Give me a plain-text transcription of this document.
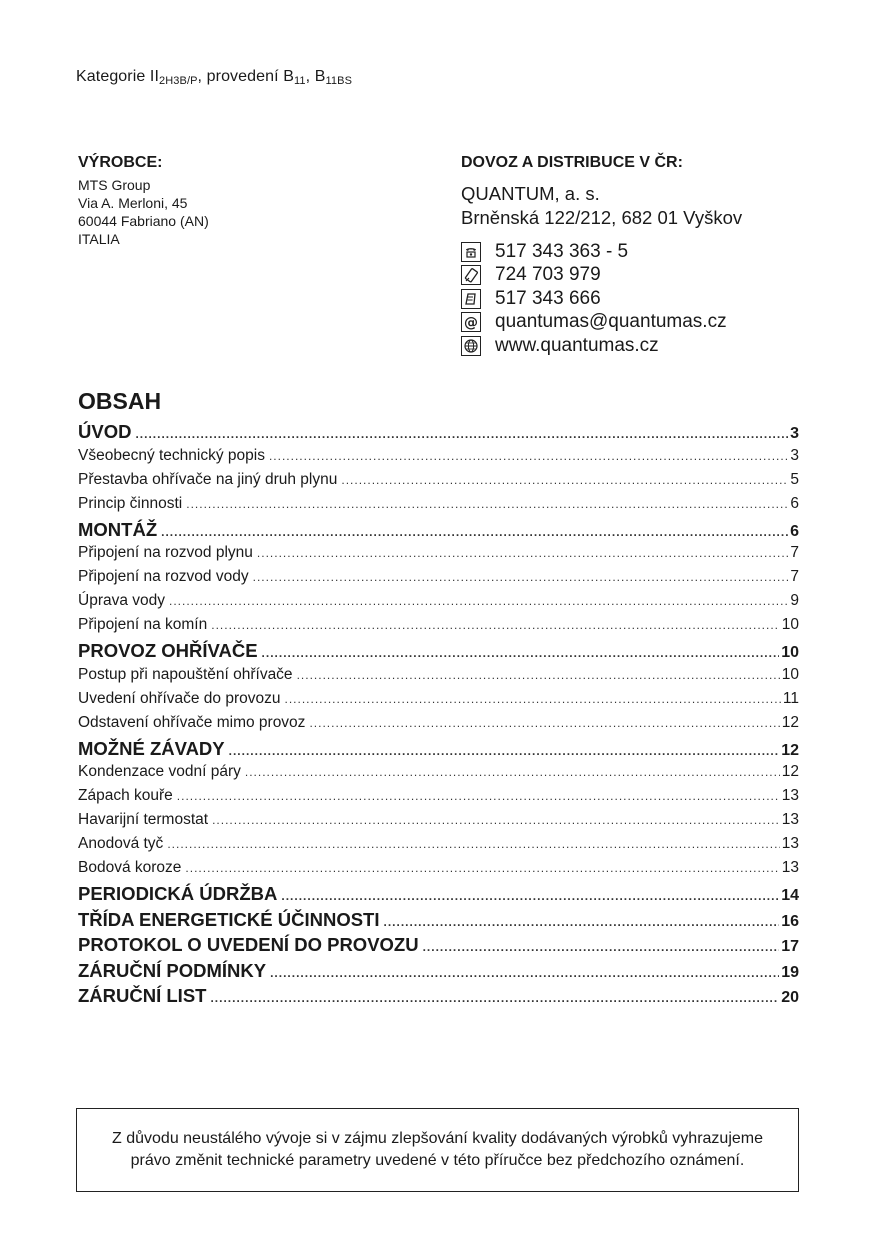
Kategorie $II_{2H3B/P}$, provedení $B_{11}$, $B_{11BS}$
VÝROBCE:
MTS Group
Via A. Merloni, 45
60044 Fabriano (AN)
ITALIA
DOVOZ A DISTRIBUCE V ČR:
QUANTUM, a. s.
Brněnská 122/212, 682 01 Vyškov
517 343 363 - 5
724 703 979
517 343 666
@ quantumas@quantumas.cz
www.quantumas.cz
OBSAH
ÚVOD .....	3
Všeobecný technický popis .....	3
Přestavba ohřívače na jiný druh plynu .....	5
Princip činnosti .....	6
MONTÁŽ .....	6
Připojení na rozvod plynu .....	7
Připojení na rozvod vody .....	7
Úprava vody .....	9
Připojení na komín .....	10
PROVOZ OHŘÍVAČE .....	10
Postup při napouštění ohřívače .....	10
Uvedení ohřívače do provozu .....	11
Odstavení ohřívače mimo provoz .....	12
MOŽNÉ ZÁVADY .....	12
Kondenzace vodní páry .....	12
Zápach kouře .....	13
Havarijní termostat .....	13
Anodová tyč .....	13
Bodová koroze .....	13
PERIODICKÁ ÚDRŽBA .....	14
TŘÍDA ENERGETICKÉ ÚČINNOSTI .....	16
PROTOKOL O UVEDENÍ DO PROVOZU .....	17
ZÁRUČNÍ PODMÍNKY .....	19
ZÁRUČNÍ LIST .....	20
Z důvodu neustálého vývoje si v zájmu zlepšování kvality dodávaných výrobků vyhrazujeme právo změnit technické parametry uvedené v této příručce bez předchozího oznámení.
